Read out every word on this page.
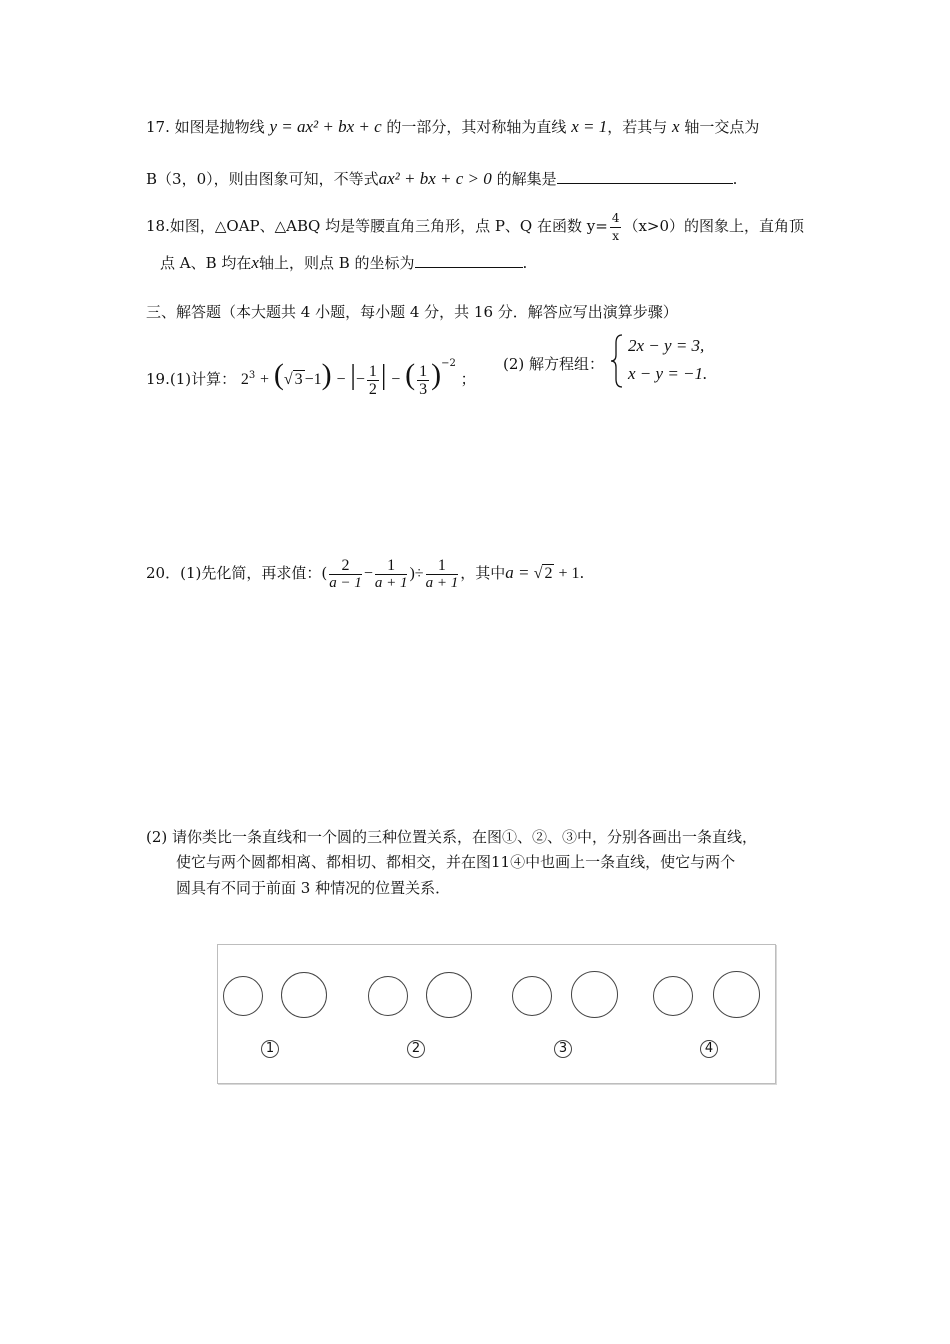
17. 如图是抛物线 y = ax² + bx + c 的一部分，其对称轴为直线 x = 1，若其与 x 轴一交点为
B（3，0），则由图象可知，不等式ax² + bx + c > 0 的解集是	.
18.如图，△OAP、△ABQ 均是等腰直角三角形，点 P、Q 在函数 $y= \frac{4}{x} (x>0)$的图象上，直角顶
点 A、B 均在x轴上，则点 B 的坐标为	.
三、解答题（本大题共 4 小题，每小题 4 分，共 16 分．解答应写出演算步骤）
19.(1)计算： $2^3$ + (√ 3 −1) − |− $\frac{1}{2}$ | − ( $\frac{1}{3} )^{-2}$ ；
(2) 解方程组：
2x − y = 3,
x − y = −1.
20．(1)先化简，再求值：( $\frac{2}{a - 1} - \frac{1}{a + 1}$ )÷ $\frac{1}{a + 1}$ ，其中a = √ 2 + 1.
(2) 请你类比一条直线和一个圆的三种位置关系，在图①、②、③中，分别各画出一条直线，
使它与两个圆都相离、都相切、都相交，并在图11④中也画上一条直线，使它与两个
圆具有不同于前面 3 种情况的位置关系．
1	2	3	4
